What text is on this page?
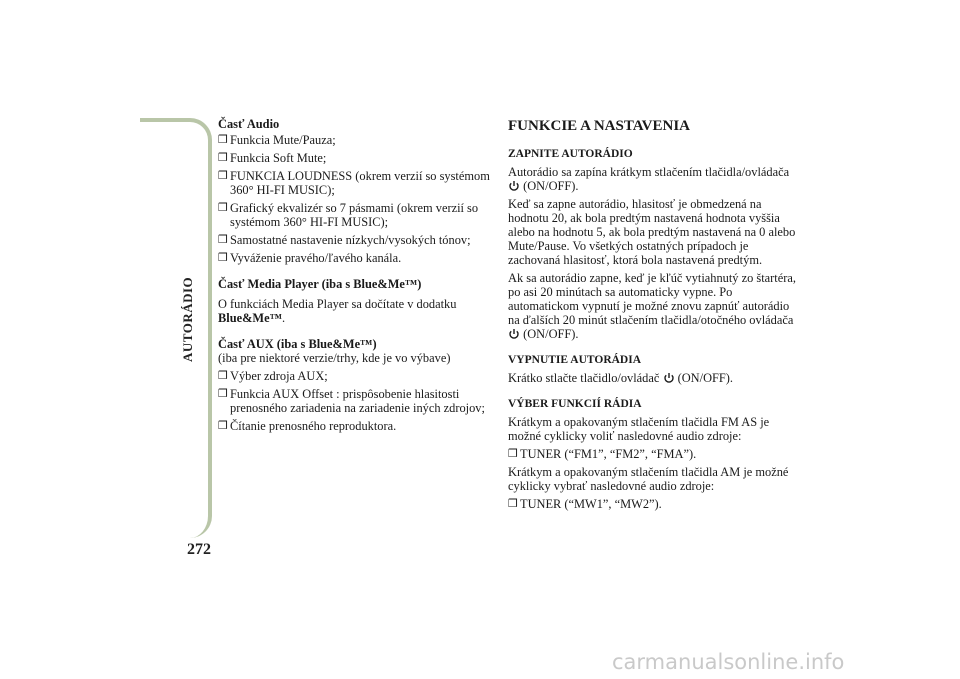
AUTORÁDIO
272
Časť Audio
❒ Funkcia Mute/Pauza;
❒ Funkcia Soft Mute;
❒ FUNKCIA LOUDNESS (okrem verzií so systémom 360° HI-FI MUSIC);
❒ Grafický ekvalizér so 7 pásmami (okrem verzií so systémom 360° HI-FI MUSIC);
❒ Samostatné nastavenie nízkych/vysokých tónov;
❒ Vyváženie pravého/ľavého kanála.
Časť Media Player (iba s Blue&Me™)

O funkciách Media Player sa dočítate v dodatku
Blue&Me™.

Časť AUX (iba s Blue&Me™)

(iba pre niektoré verzie/trhy, kde je vo výbave)

❒ Výber zdroja AUX;
❒ Funkcia AUX Offset : prispôsobenie hlasitosti prenosného zariadenia na zariadenie iných zdrojov;
❒ Čítanie prenosného reproduktora.
FUNKCIE A NASTAVENIA
ZAPNITE AUTORÁDIO

Autorádio sa zapína krátkym stlačením tlačidla/ovládača  (ON/OFF).

Keď sa zapne autorádio, hlasitosť je obmedzená na hodnotu 20, ak bola predtým nastavená hodnota vyššia alebo na hodnotu 5, ak bola predtým nastavená na 0 alebo Mute/Pause. Vo všetkých ostatných prípadoch je zachovaná hlasitosť, ktorá bola nastavená predtým.

Ak sa autorádio zapne, keď je kľúč vytiahnutý zo štartéra, po asi 20 minútach sa automaticky vypne. Po automatickom vypnutí je možné znovu zapnúť autorádio na ďalších 20 minút stlačením tlačidla/otočného ovládača  (ON/OFF).

VYPNUTIE AUTORÁDIA

Krátko stlačte tlačidlo/ovládač (ON/OFF).

VÝBER FUNKCIÍ RÁDIA

Krátkym a opakovaným stlačením tlačidla FM AS je možné cyklicky voliť nasledovné audio zdroje:

❒ TUNER (“FM1”, “FM2”, “FMA”).

Krátkym a opakovaným stlačením tlačidla AM je možné cyklicky vybrať nasledovné audio zdroje:

❒ TUNER (“MW1”, “MW2”).
carmanualsonline.info
